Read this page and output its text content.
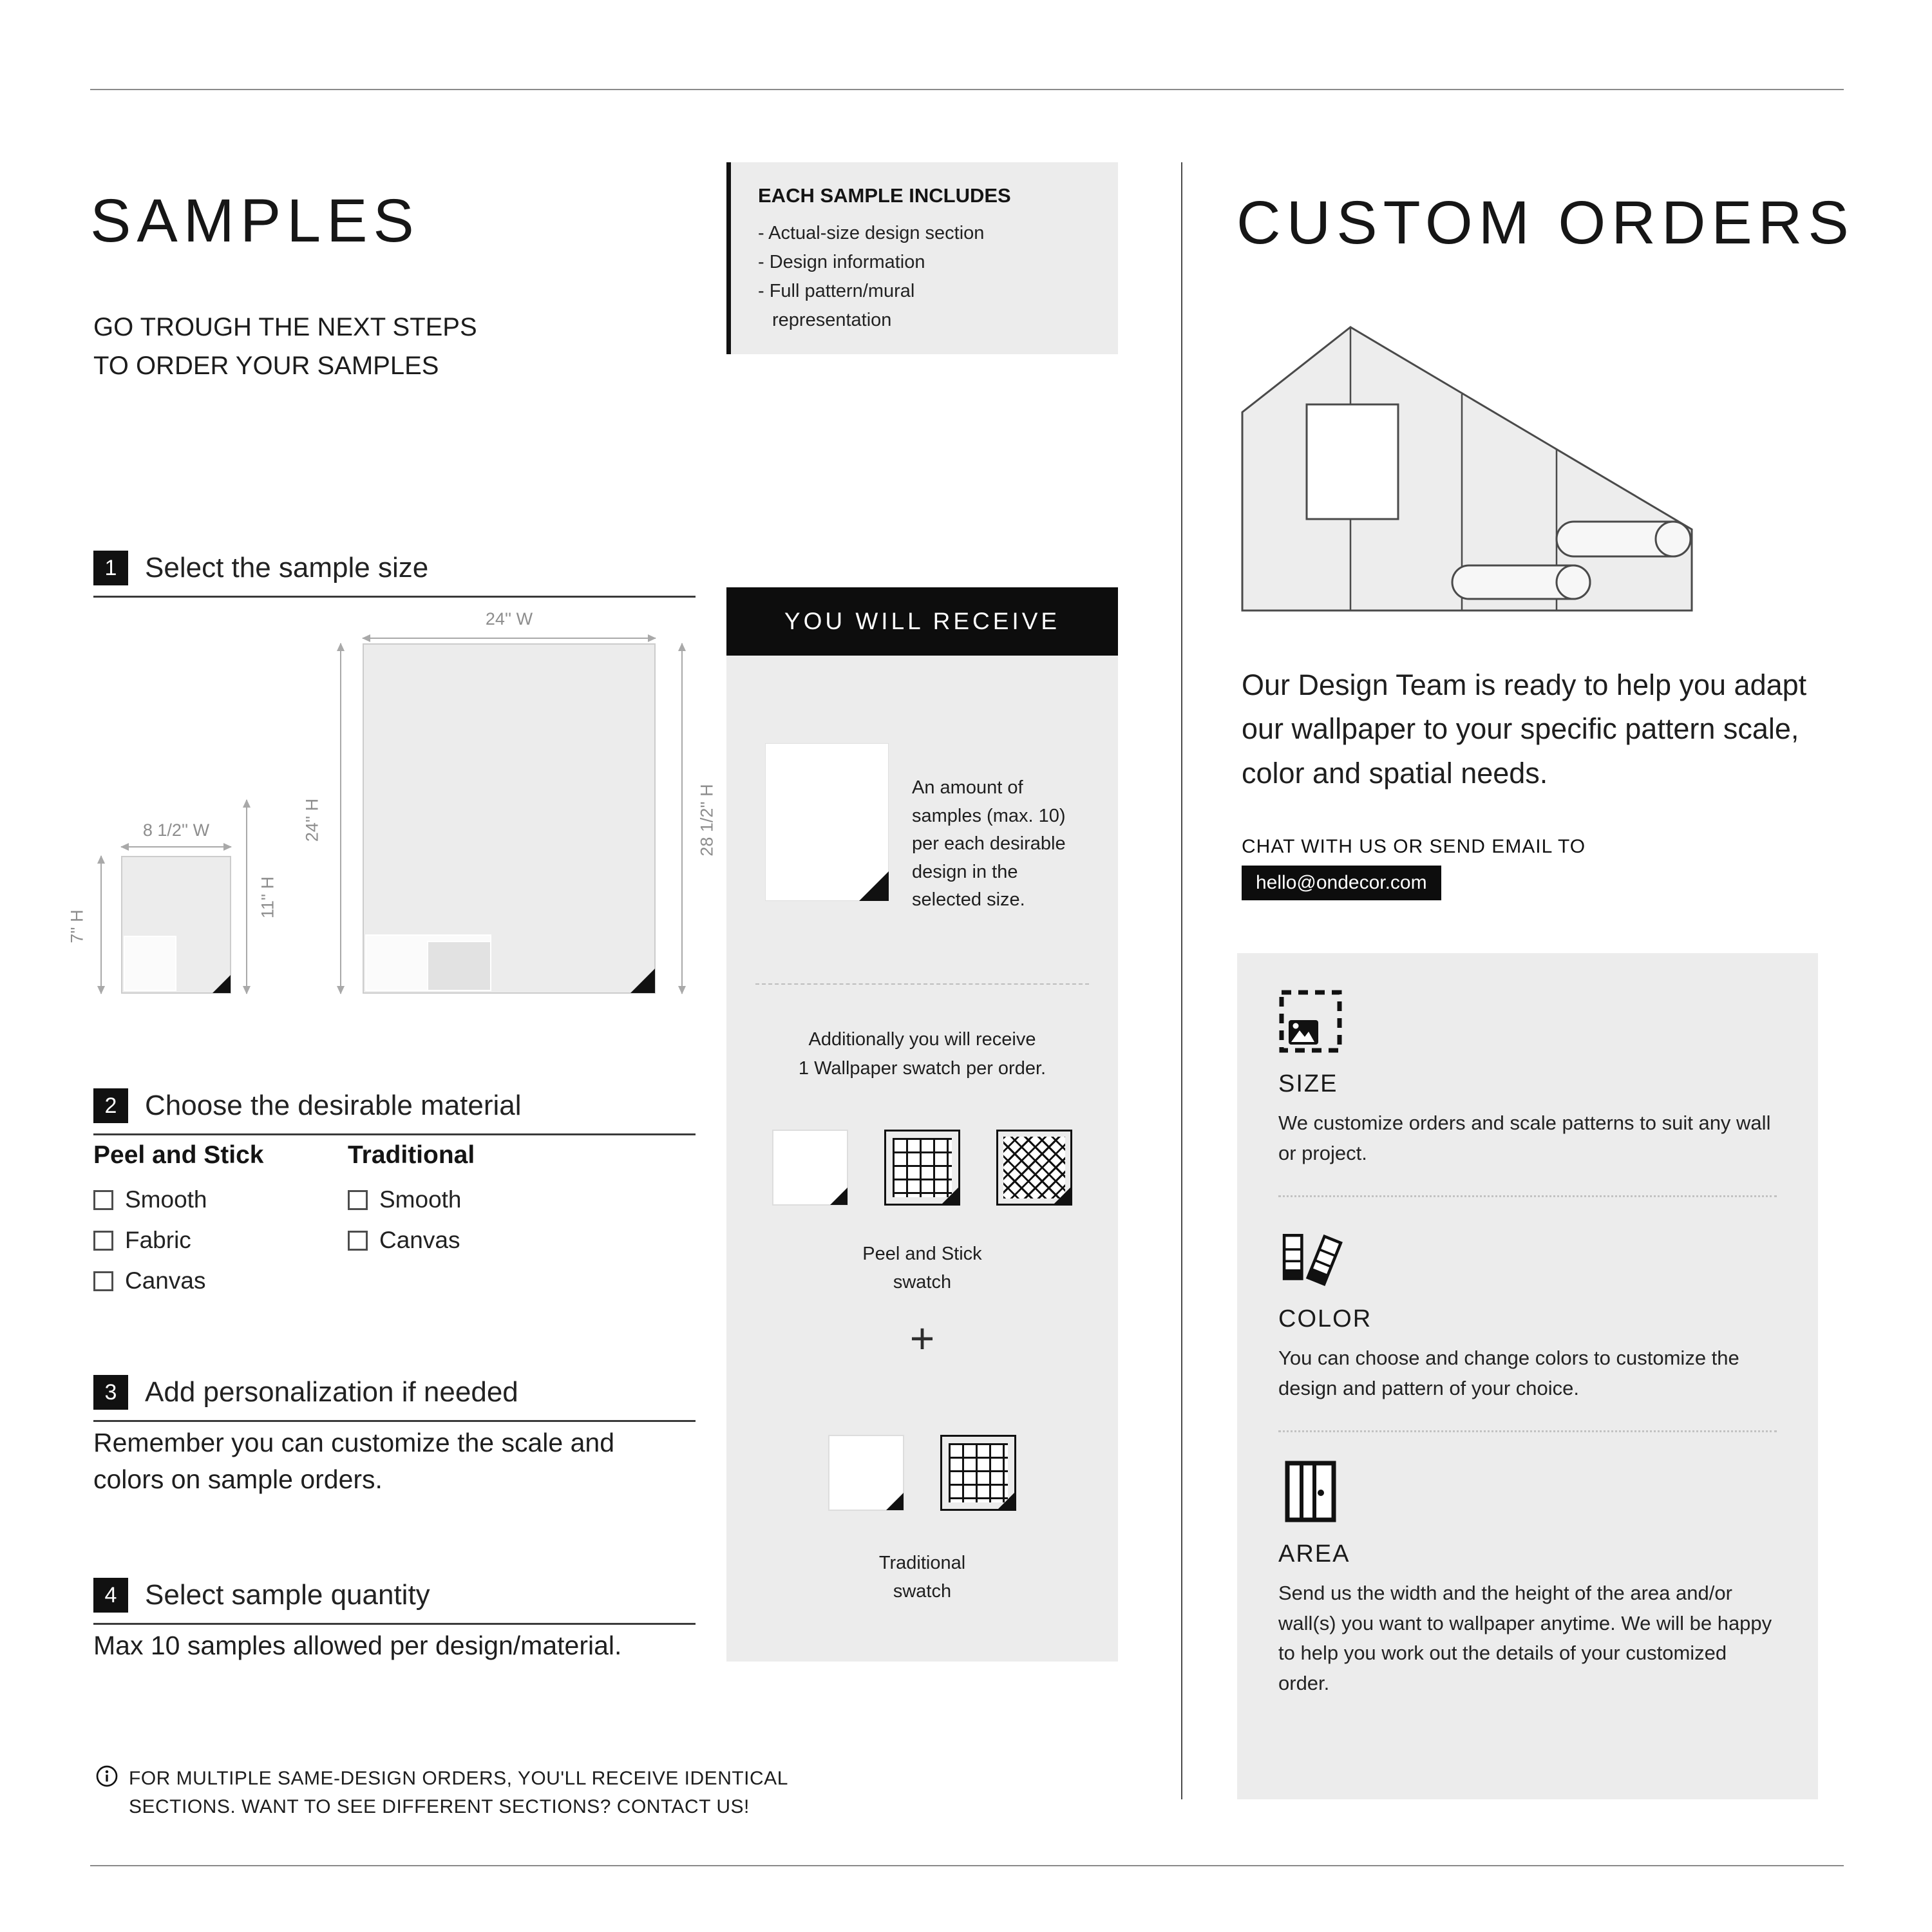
SAMPLES	EACH SAMPLE INCLUDES
- Actual-size design section
- Design information
- Full pattern/mural
representation
GO TROUGH THE NEXT STEPS
TO ORDER YOUR SAMPLES
1 Select the sample size
24'' W
24'' H	28 1/2'' H
8 1/2'' W
7'' H
11'' H
2 Choose the desirable material
Peel and Stick
Smooth
Fabric
Canvas
Traditional
Smooth
Canvas
3 Add personalization if needed
Remember you can customize the scale and colors on sample orders.
4 Select sample quantity
Max 10 samples allowed per design/material.
FOR MULTIPLE SAME-DESIGN ORDERS, YOU'LL RECEIVE IDENTICAL
SECTIONS. WANT TO SEE DIFFERENT SECTIONS? CONTACT US!
YOU WILL RECEIVE
An amount of samples (max. 10) per each desirable design in the selected size.
Additionally you will receive
1 Wallpaper swatch per order.
Peel and Stick
swatch
+
Traditional
swatch
CUSTOM ORDERS
Our Design Team is ready to help you adapt our wallpaper to your specific pattern scale, color and spatial needs.
CHAT WITH US OR SEND EMAIL TO
hello@ondecor.com
SIZE

We customize orders and scale patterns to suit any wall or project.

COLOR

You can choose and change colors to customize the design and pattern of your choice.

AREA

Send us the width and the height of the area and/or wall(s) you want to wallpaper anytime. We will be happy to help you work out the details of your customized order.
